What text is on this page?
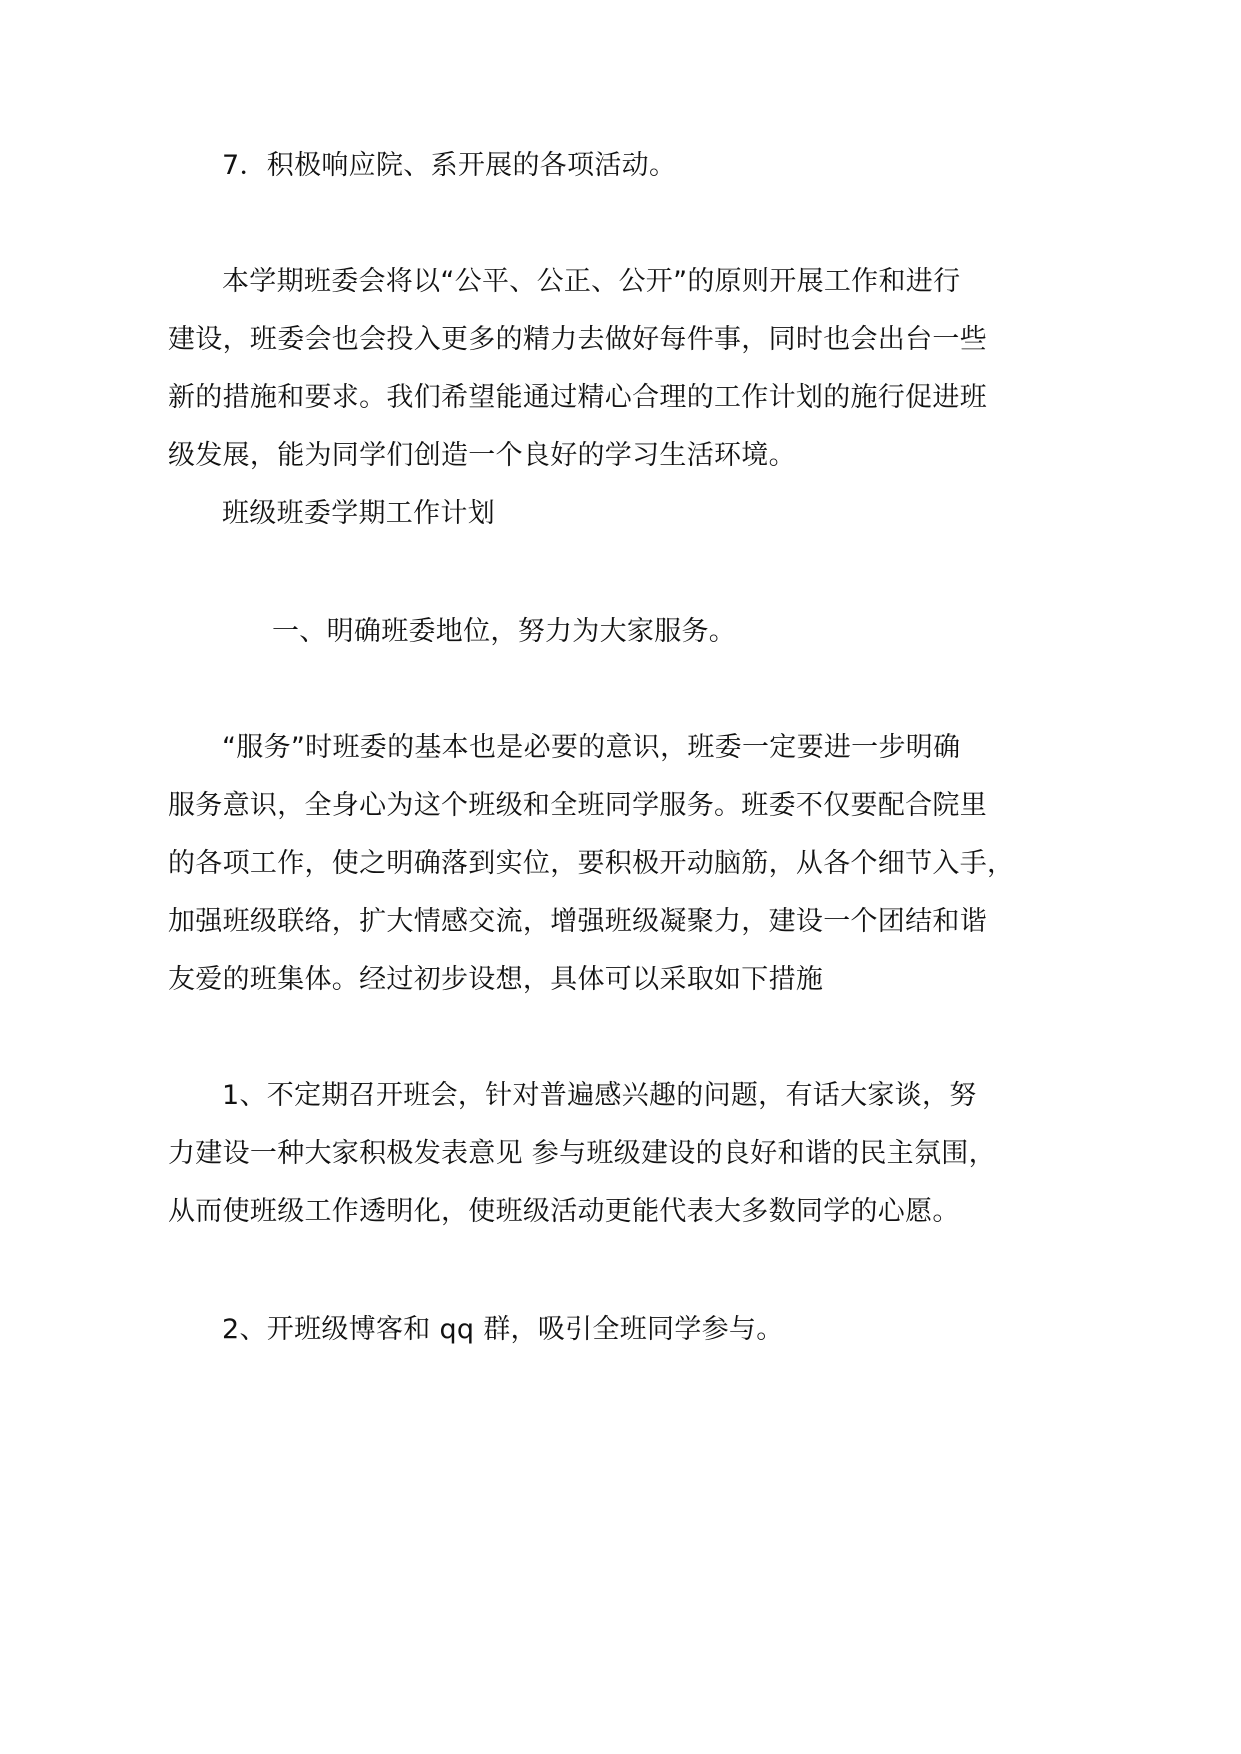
7．积极响应院、系开展的各项活动。

本学期班委会将以“公平、公正、公开”的原则开展工作和进行

建设，班委会也会投入更多的精力去做好每件事，同时也会出台一些

新的措施和要求。我们希望能通过精心合理的工作计划的施行促进班

级发展，能为同学们创造一个良好的学习生活环境。

班级班委学期工作计划

一、明确班委地位，努力为大家服务。

“服务”时班委的基本也是必要的意识，班委一定要进一步明确

服务意识，全身心为这个班级和全班同学服务。班委不仅要配合院里

的各项工作，使之明确落到实位，要积极开动脑筋，从各个细节入手，

加强班级联络，扩大情感交流，增强班级凝聚力，建设一个团结和谐

友爱的班集体。经过初步设想，具体可以采取如下措施

1、不定期召开班会，针对普遍感兴趣的问题，有话大家谈，努

力建设一种大家积极发表意见 参与班级建设的良好和谐的民主氛围，

从而使班级工作透明化，使班级活动更能代表大多数同学的心愿。

2、开班级博客和 qq 群，吸引全班同学参与。
